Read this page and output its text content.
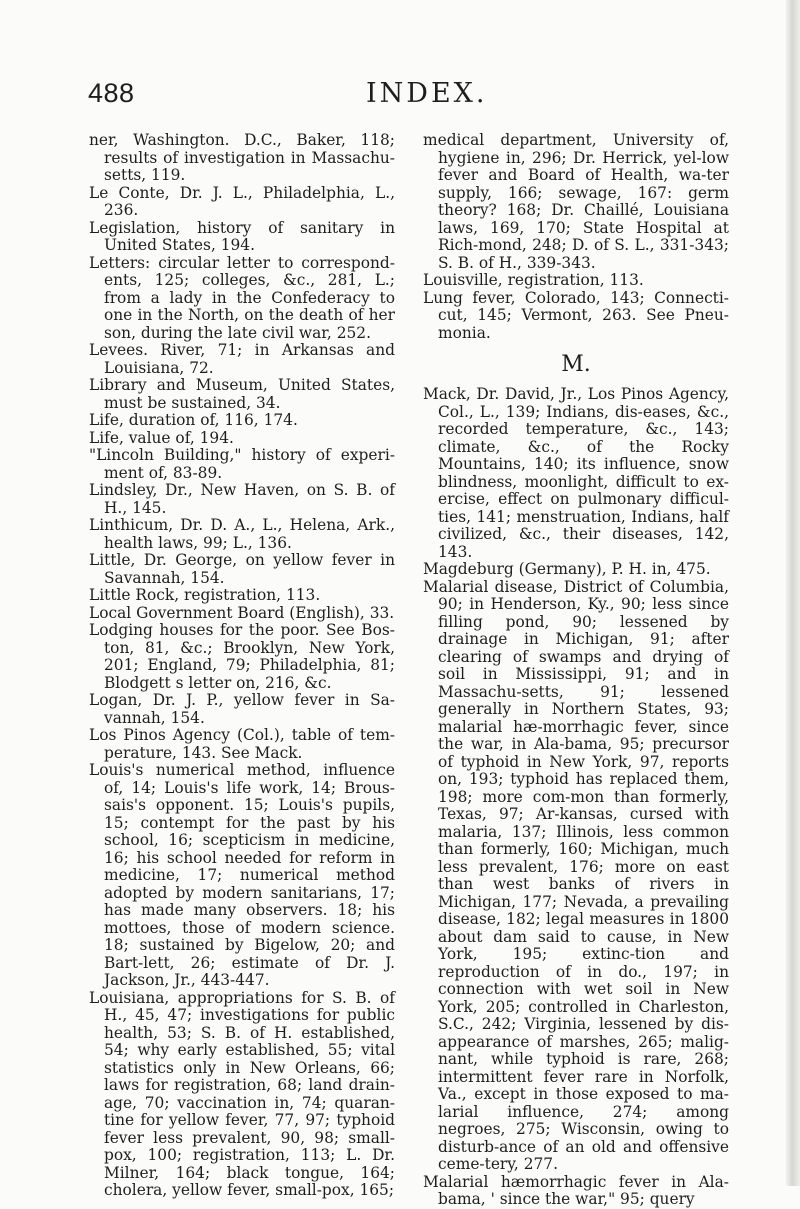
488	INDEX.

ner, Washington. D.C., Baker, 118; results of investigation in Massachu-setts, 119.

Le Conte, Dr. J. L., Philadelphia, L., 236.

Legislation, history of sanitary in United States, 194.

Letters: circular letter to correspond-ents, 125; colleges, &c., 281, L.; from a lady in the Confederacy to one in the North, on the death of her son, during the late civil war, 252.

Levees. River, 71; in Arkansas and Louisiana, 72.

Library and Museum, United States, must be sustained, 34.

Life, duration of, 116, 174.

Life, value of, 194.

"Lincoln Building," history of experi-ment of, 83-89.

Lindsley, Dr., New Haven, on S. B. of H., 145.

Linthicum, Dr. D. A., L., Helena, Ark., health laws, 99; L., 136.

Little, Dr. George, on yellow fever in Savannah, 154.

Little Rock, registration, 113.

Local Government Board (English), 33.

Lodging houses for the poor. See Bos-ton, 81, &c.; Brooklyn, New York, 201; England, 79; Philadelphia, 81; Blodgett s letter on, 216, &c.

Logan, Dr. J. P., yellow fever in Sa-vannah, 154.

Los Pinos Agency (Col.), table of tem-perature, 143. See Mack.

Louis's numerical method, influence of, 14; Louis's life work, 14; Brous-sais's opponent. 15; Louis's pupils, 15; contempt for the past by his school, 16; scepticism in medicine, 16; his school needed for reform in medicine, 17; numerical method adopted by modern sanitarians, 17; has made many observers. 18; his mottoes, those of modern science. 18; sustained by Bigelow, 20; and Bart-lett, 26; estimate of Dr. J. Jackson, Jr., 443-447.

Louisiana, appropriations for S. B. of H., 45, 47; investigations for public health, 53; S. B. of H. established, 54; why early established, 55; vital statistics only in New Orleans, 66; laws for registration, 68; land drain-age, 70; vaccination in, 74; quaran-tine for yellow fever, 77, 97; typhoid fever less prevalent, 90, 98; small-pox, 100; registration, 113; L. Dr. Milner, 164; black tongue, 164; cholera, yellow fever, small-pox, 165;

medical department, University of, hygiene in, 296; Dr. Herrick, yel-low fever and Board of Health, wa-ter supply, 166; sewage, 167: germ theory? 168; Dr. Chaillé, Louisiana laws, 169, 170; State Hospital at Rich-mond, 248; D. of S. L., 331-343; S. B. of H., 339-343.

Louisville, registration, 113.

Lung fever, Colorado, 143; Connecti-cut, 145; Vermont, 263. See Pneu-monia.

M.

Mack, Dr. David, Jr., Los Pinos Agency, Col., L., 139; Indians, dis-eases, &c., recorded temperature, &c., 143; climate, &c., of the Rocky Mountains, 140; its influence, snow blindness, moonlight, difficult to ex-ercise, effect on pulmonary difficul-ties, 141; menstruation, Indians, half civilized, &c., their diseases, 142, 143.

Magdeburg (Germany), P. H. in, 475.

Malarial disease, District of Columbia, 90; in Henderson, Ky., 90; less since filling pond, 90; lessened by drainage in Michigan, 91; after clearing of swamps and drying of soil in Mississippi, 91; and in Massachu-setts, 91; lessened generally in Northern States, 93; malarial hæ-morrhagic fever, since the war, in Ala-bama, 95; precursor of typhoid in New York, 97, reports on, 193; typhoid has replaced them, 198; more com-mon than formerly, Texas, 97; Ar-kansas, cursed with malaria, 137; Illinois, less common than formerly, 160; Michigan, much less prevalent, 176; more on east than west banks of rivers in Michigan, 177; Nevada, a prevailing disease, 182; legal measures in 1800 about dam said to cause, in New York, 195; extinc-tion and reproduction of in do., 197; in connection with wet soil in New York, 205; controlled in Charleston, S.C., 242; Virginia, lessened by dis-appearance of marshes, 265; malig-nant, while typhoid is rare, 268; intermittent fever rare in Norfolk, Va., except in those exposed to ma-larial influence, 274; among negroes, 275; Wisconsin, owing to disturb-ance of an old and offensive ceme-tery, 277.

Malarial hæmorrhagic fever in Ala-bama, ' since the war," 95; query
